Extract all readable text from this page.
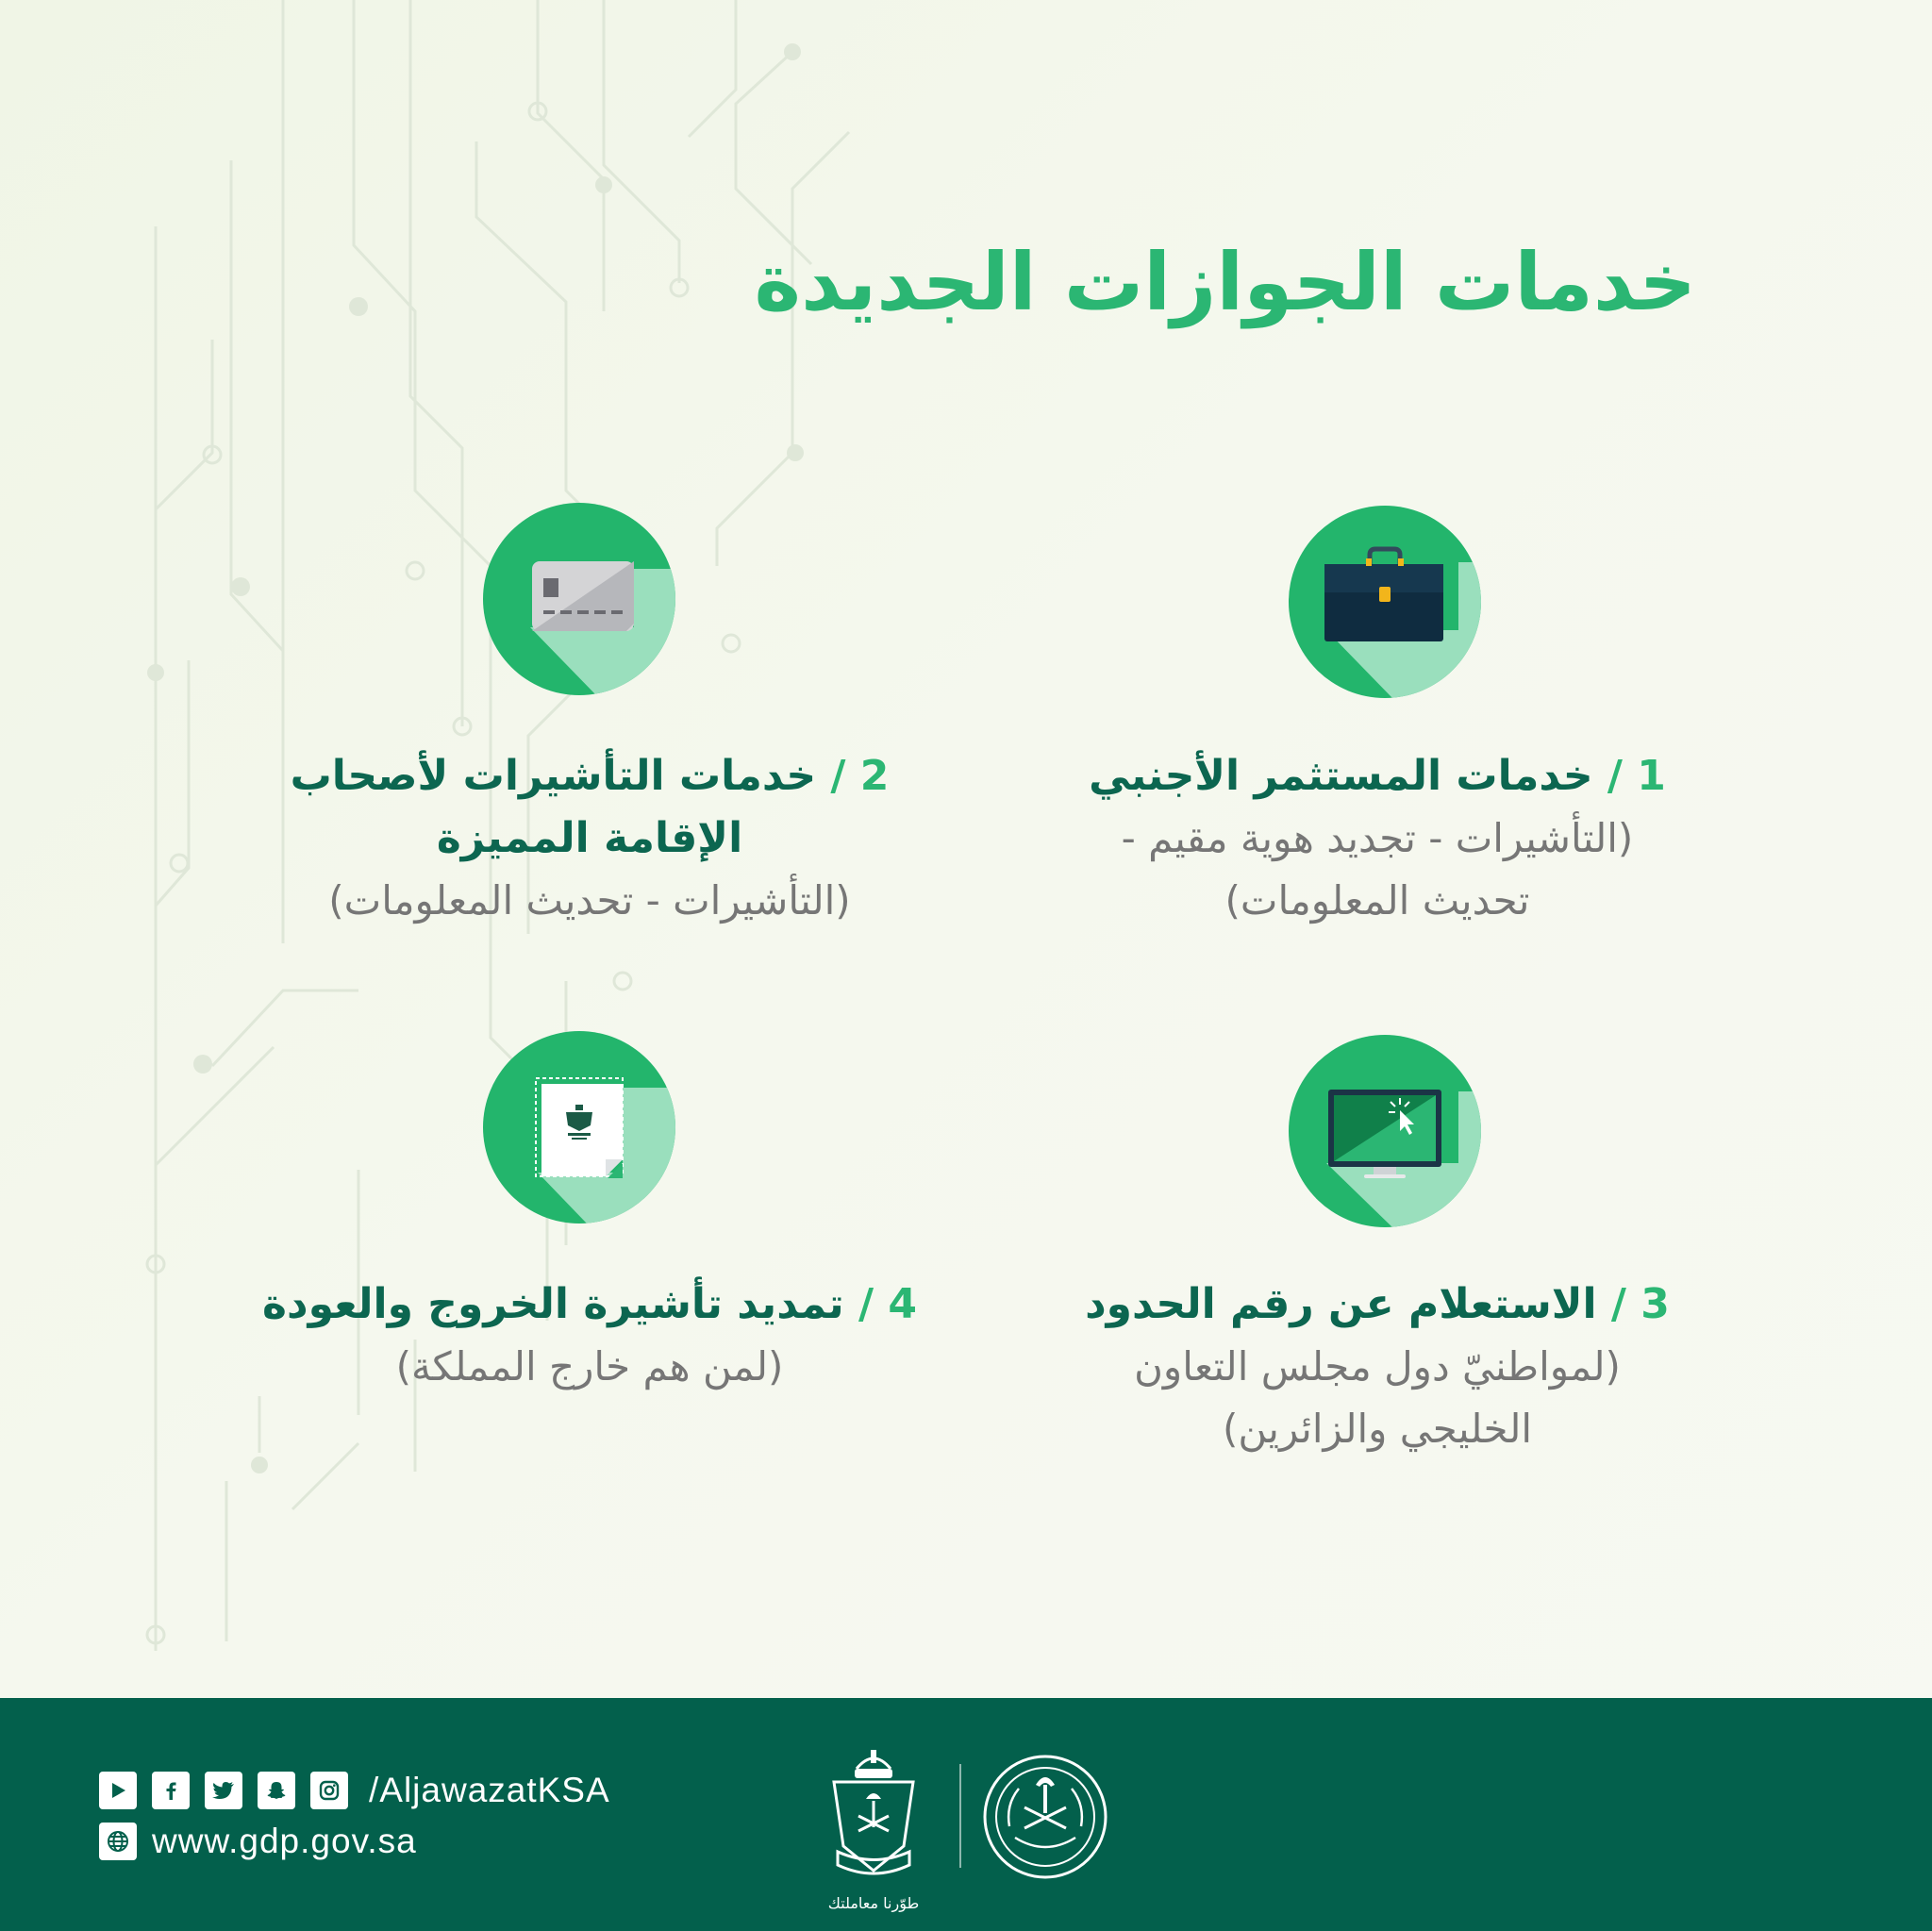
خدمات الجوازات الجديدة
1 / خدمات المستثمر الأجنبي
(التأشيرات - تجديد هوية مقيم -
تحديث المعلومات)
2 / خدمات التأشيرات لأصحاب
الإقامة المميزة
(التأشيرات - تحديث المعلومات)
3 / الاستعلام عن رقم الحدود
(لمواطنيّ دول مجلس التعاون
الخليجي والزائرين)
4 / تمديد تأشيرة الخروج والعودة
(لمن هم خارج المملكة)
/AljawazatKSA
www.gdp.gov.sa
طوّرنا معاملتك
